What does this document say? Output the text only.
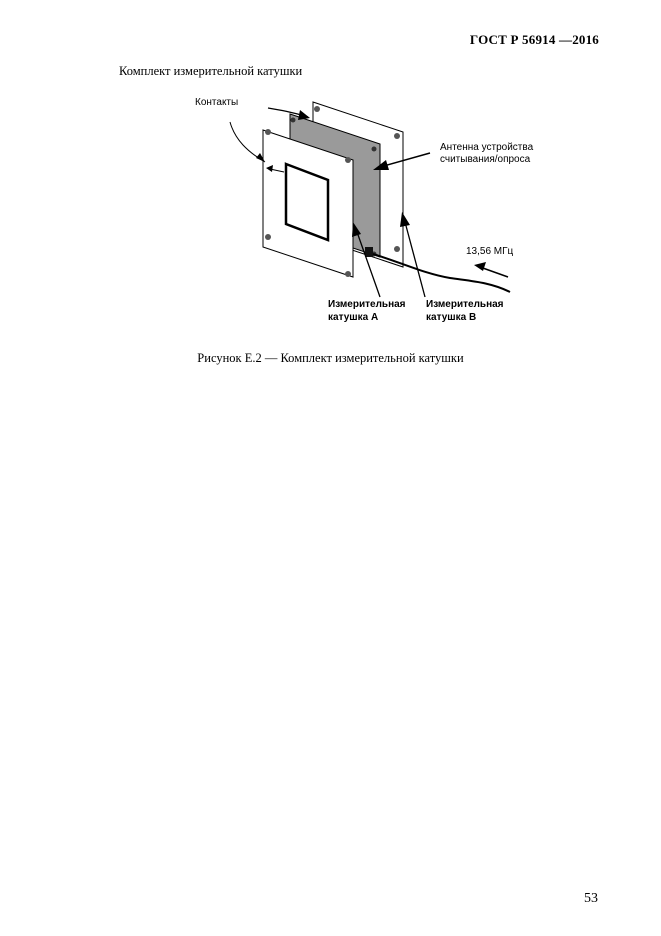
ГОСТ Р 56914 —2016
Комплект измерительной катушки
Контакты
Антенна устройства
считывания/опроса
13,56 МГц
Измерительная
катушка A
Измерительная
катушка B
Рисунок Е.2 — Комплект измерительной катушки
53
